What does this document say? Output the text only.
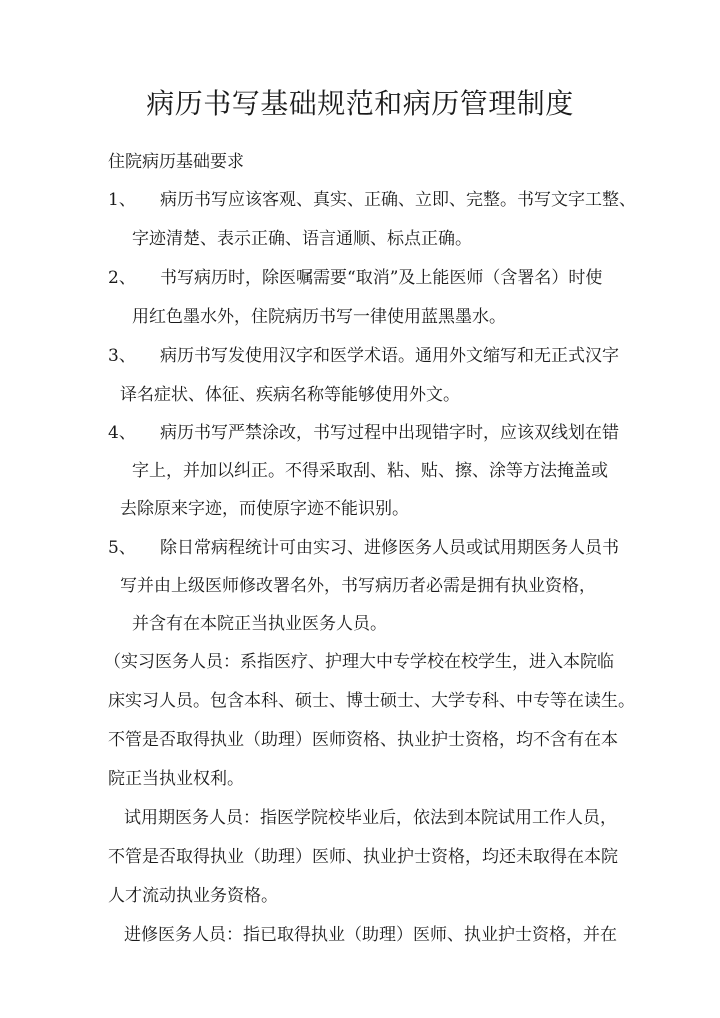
病历书写基础规范和病历管理制度
住院病历基础要求
1、 病历书写应该客观、真实、正确、立即、完整。书写文字工整、
字迹清楚、表示正确、语言通顺、标点正确。
2、 书写病历时，除医嘱需要“取消”及上能医师（含署名）时使
用红色墨水外，住院病历书写一律使用蓝黑墨水。
3、 病历书写发使用汉字和医学术语。通用外文缩写和无正式汉字
译名症状、体征、疾病名称等能够使用外文。
4、 病历书写严禁涂改，书写过程中出现错字时，应该双线划在错
字上，并加以纠正。不得采取刮、粘、贴、擦、涂等方法掩盖或
去除原来字迹，而使原字迹不能识别。
5、 除日常病程统计可由实习、进修医务人员或试用期医务人员书
写并由上级医师修改署名外，书写病历者必需是拥有执业资格，
并含有在本院正当执业医务人员。
（实习医务人员：系指医疗、护理大中专学校在校学生，进入本院临
床实习人员。包含本科、硕士、博士硕士、大学专科、中专等在读生。
不管是否取得执业（助理）医师资格、执业护士资格，均不含有在本
院正当执业权利。
试用期医务人员：指医学院校毕业后，依法到本院试用工作人员，
不管是否取得执业（助理）医师、执业护士资格，均还未取得在本院
人才流动执业务资格。
进修医务人员：指已取得执业（助理）医师、执业护士资格，并在
